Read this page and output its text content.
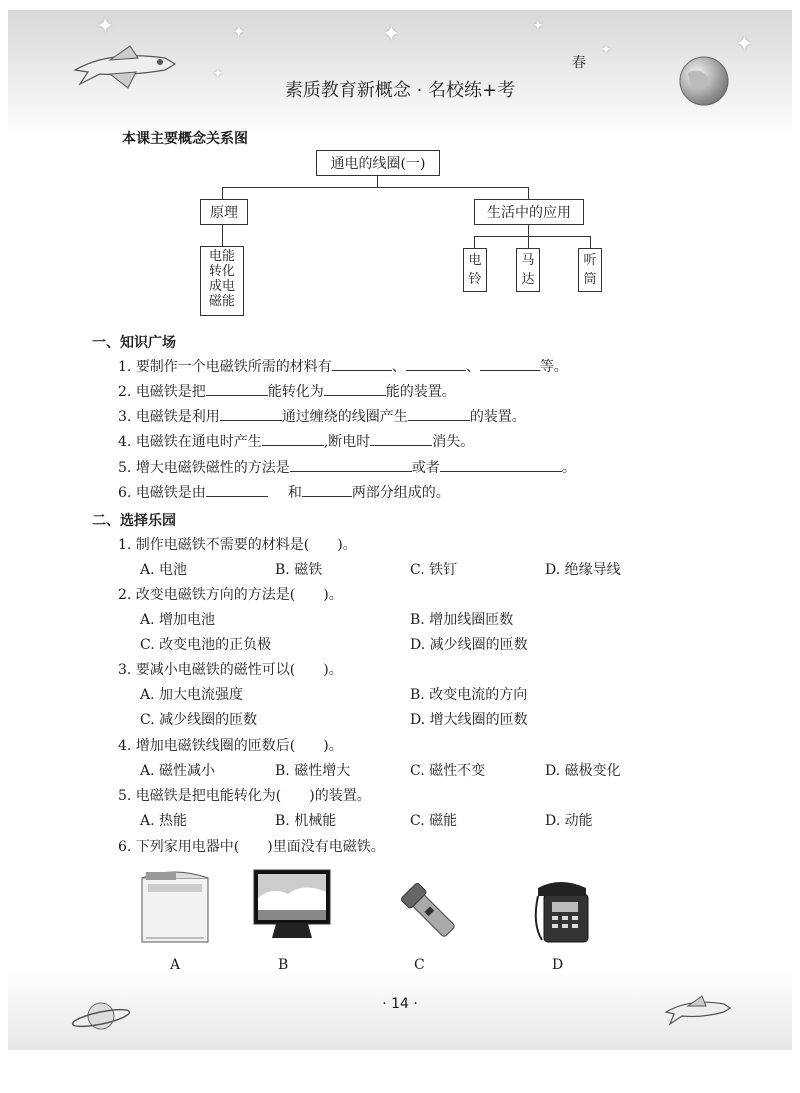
✦	✦	✦	✦
✦	✦
✦
素质教育新概念 · 名校练+考
春
本课主要概念关系图
通电的线圈(一)
原理	生活中的应用
电能
转化
成电
磁能
电
铃
马
达
听
筒
一、知识广场
1. 要制作一个电磁铁所需的材料有	、	、	等。
2. 电磁铁是把	能转化为	能的装置。
3. 电磁铁是利用	通过缠绕的线圈产生	的装置。
4. 电磁铁在通电时产生	,断电时	消失。
5. 增大电磁铁磁性的方法是	或者	。
6. 电磁铁是由	和	两部分组成的。
二、选择乐园
1. 制作电磁铁不需要的材料是(　　)。
A. 电池	B. 磁铁	C. 铁钉	D. 绝缘导线
2. 改变电磁铁方向的方法是(　　)。
A. 增加电池	B. 增加线圈匝数
C. 改变电池的正负极	D. 减少线圈的匝数
3. 要减小电磁铁的磁性可以(　　)。
A. 加大电流强度	B. 改变电流的方向
C. 减少线圈的匝数	D. 增大线圈的匝数
4. 增加电磁铁线圈的匝数后(　　)。
A. 磁性减小	B. 磁性增大	C. 磁性不变	D. 磁极变化
5. 电磁铁是把电能转化为(　　)的装置。
A. 热能	B. 机械能	C. 磁能	D. 动能
6. 下列家用电器中(　　)里面没有电磁铁。
A	B	C	D
· 14 ·
